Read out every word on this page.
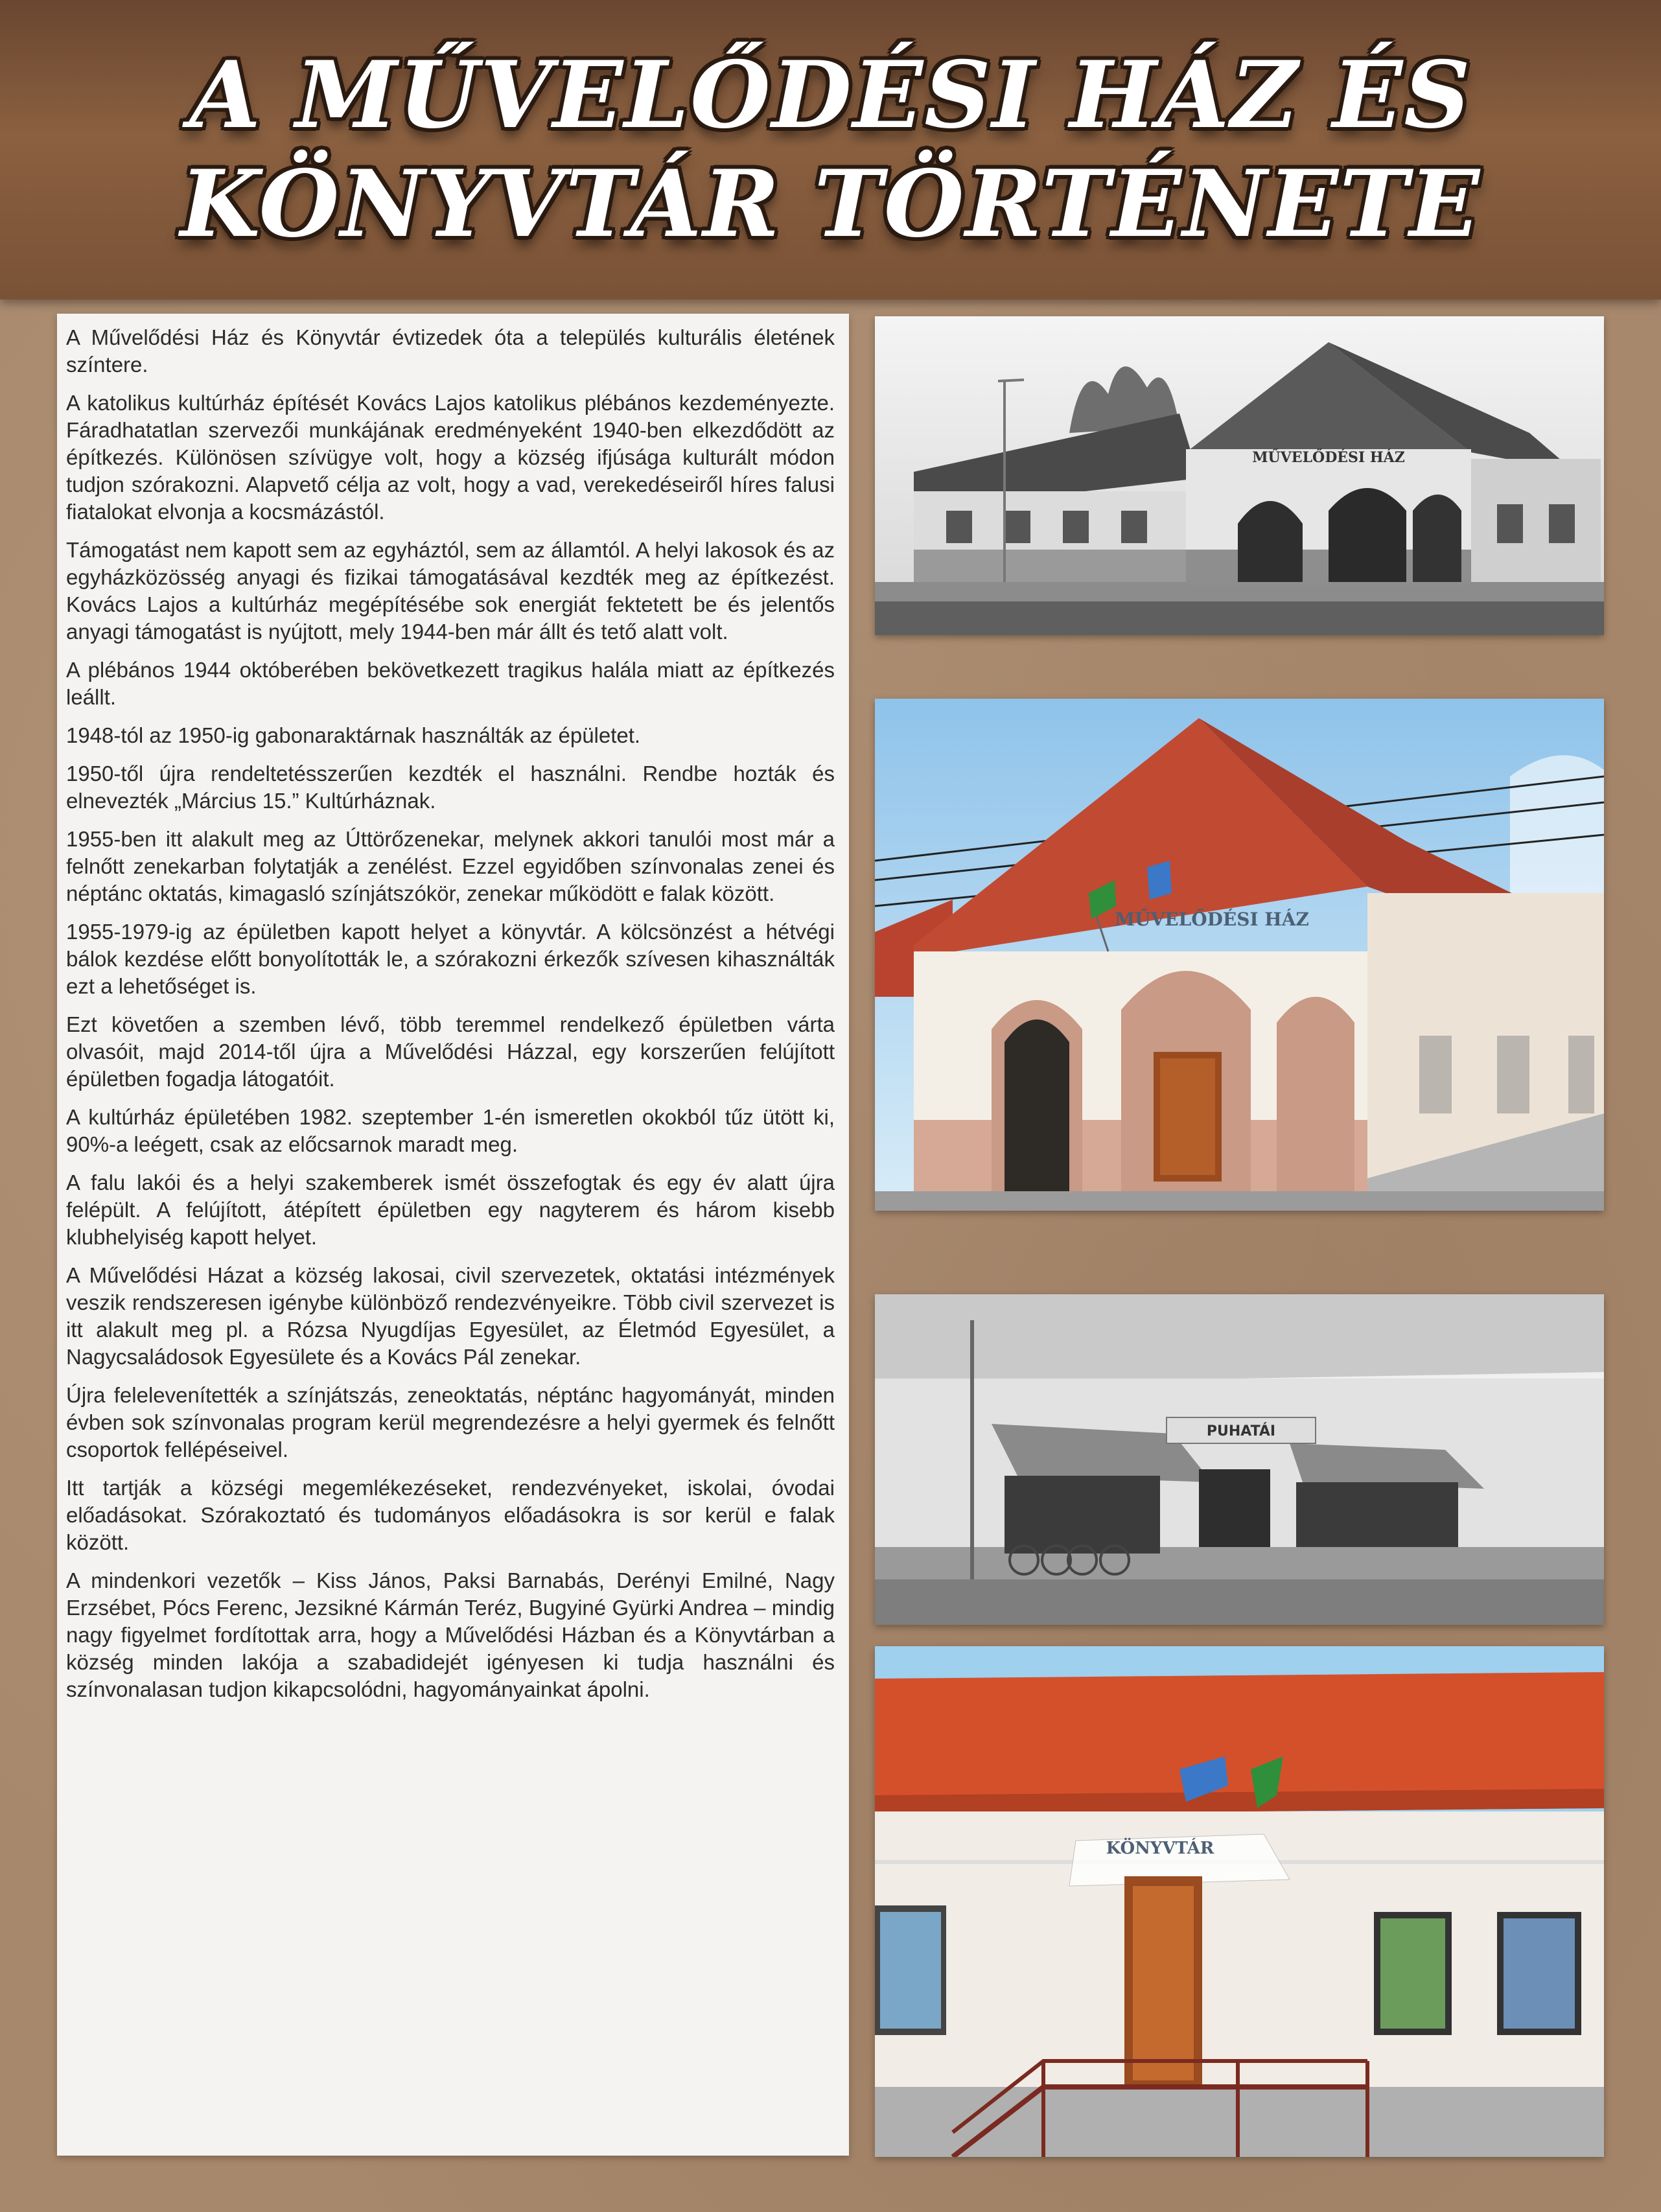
A MŰVELŐDÉSI HÁZ ÉS
KÖNYVTÁR TÖRTÉNETE

A Művelődési Ház és Könyvtár évtizedek óta a település kulturális életének színtere.

A katolikus kultúrház építését Kovács Lajos katolikus plébános kezdeményezte. Fáradhatatlan szervezői munkájának eredményeként 1940-ben elkezdődött az építkezés. Különösen szívügye volt, hogy a község ifjúsága kulturált módon tudjon szórakozni. Alapvető célja az volt, hogy a vad, verekedéseiről híres falusi fiatalokat elvonja a kocsmázástól.

Támogatást nem kapott sem az egyháztól, sem az államtól. A helyi lakosok és az egyházközösség anyagi és fizikai támogatásával kezdték meg az építkezést. Kovács Lajos a kultúrház megépítésébe sok energiát fektetett be és jelentős anyagi támogatást is nyújtott, mely 1944-ben már állt és tető alatt volt.

A plébános 1944 októberében bekövetkezett tragikus halála miatt az építkezés leállt.

1948-tól az 1950-ig gabonaraktárnak használták az épületet.

1950-től újra rendeltetésszerűen kezdték el használni. Rendbe hozták és elnevezték „Március 15.” Kultúrháznak.

1955-ben itt alakult meg az Úttörőzenekar, melynek akkori tanulói most már a felnőtt zenekarban folytatják a zenélést. Ezzel egyidőben színvonalas zenei és néptánc oktatás, kimagasló színjátszókör, zenekar működött e falak között.

1955-1979-ig az épületben kapott helyet a könyvtár. A kölcsönzést a hétvégi bálok kezdése előtt bonyolították le, a szórakozni érkezők szívesen kihasználták ezt a lehetőséget is.

Ezt követően a szemben lévő, több teremmel rendelkező épületben várta olvasóit, majd 2014-től újra a Művelődési Házzal, egy korszerűen felújított épületben fogadja látogatóit.

A kultúrház épületében 1982. szeptember 1-én ismeretlen okokból tűz ütött ki, 90%-a leégett, csak az előcsarnok maradt meg.

A falu lakói és a helyi szakemberek ismét összefogtak és egy év alatt újra felépült. A felújított, átépített épületben egy nagyterem és három kisebb klubhelyiség kapott helyet.

A Művelődési Házat a község lakosai, civil szervezetek, oktatási intézmények veszik rendszeresen igénybe különböző rendezvényeikre. Több civil szervezet is itt alakult meg pl. a Rózsa Nyugdíjas Egyesület, az Életmód Egyesület, a Nagycsaládosok Egyesülete és a Kovács Pál zenekar.

Újra felelevenítették a színjátszás, zeneoktatás, néptánc hagyományát, minden évben sok színvonalas program kerül megrendezésre a helyi gyermek és felnőtt csoportok fellépéseivel.

Itt tartják a községi megemlékezéseket, rendezvényeket, iskolai, óvodai előadásokat. Szórakoztató és tudományos előadásokra is sor kerül e falak között.

A mindenkori vezetők – Kiss János, Paksi Barnabás, Derényi Emilné, Nagy Erzsébet, Pócs Ferenc, Jezsikné Kármán Teréz, Bugyiné Gyürki Andrea – mindig nagy figyelmet fordítottak arra, hogy a Művelődési Házban és a Könyvtárban a község minden lakója a szabadidejét igényesen ki tudja használni és színvonalasan tudjon kikapcsolódni, hagyományainkat ápolni.

MŰVELŐDÉSI HÁZ
MŰVELŐDÉSI HÁZ
PUHATÁI
KÖNYVTÁR
